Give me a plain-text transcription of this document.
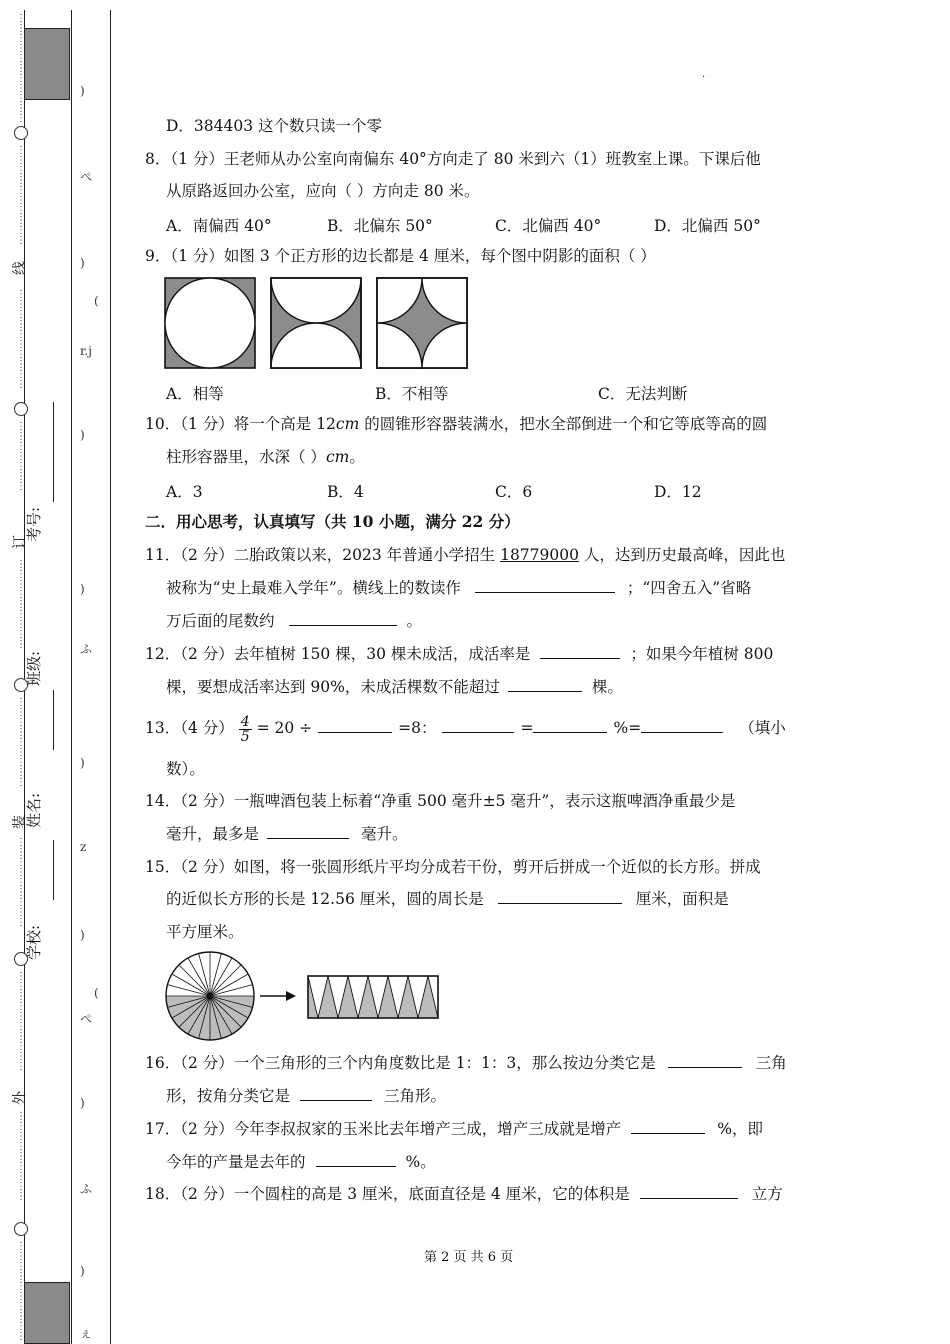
⋮
⋮
⋮
⋮
⋮
⋮
⋮
⋮
⋮
⋮
⋮
⋮
⋮
⋮
⋮
⋮
⋮
⋮
⋮
⋮
⋮
线
⋮
⋮
⋮
⋮
⋮
⋮
⋮
⋮
⋮
⋮
⋮
⋮
⋮
⋮
⋮
⋮
⋮
订
⋮
⋮
⋮
⋮
⋮
⋮
⋮
⋮
⋮
⋮
⋮
⋮
⋮
⋮
⋮
⋮
⋮
⋮
装
⋮
⋮
⋮
⋮
⋮
⋮
⋮
⋮
⋮
⋮
⋮
⋮
⋮
⋮
⋮
⋮
⋮
⋮
⋮
外
⋮
⋮
⋮
⋮
⋮
⋮
⋮
⋮
⋮
⋮
⋮
⋮
⋮
⋮
⋮
⋮
⋮
⋮
⋮
考号:
班级:
姓名:
学校:
)
ぺ
)
(
r.j
)
)
ふ
)
z
)
(
ぺ
)
ふ
)
ぇ
·
D．384403 这个数只读一个零
8．（1 分）王老师从办公室向南偏东 40°方向走了 80 米到六（1）班教室上课。下课后他
从原路返回办公室，应向（ ）方向走 80 米。
A．南偏西 40°	B．北偏东 50°	C．北偏西 40°	D．北偏西 50°
9．（1 分）如图 3 个正方形的边长都是 4 厘米，每个图中阴影的面积（ ）
A．相等	B．不相等	C．无法判断
10．（1 分）将一个高是 12cm 的圆锥形容器装满水，把水全部倒进一个和它等底等高的圆
柱形容器里，水深（ ）cm。
A．3	B．4	C．6	D．12
二．用心思考，认真填写（共 10 小题，满分 22 分）
11．（2 分）二胎政策以来，2023 年普通小学招生 18779000 人，达到历史最高峰，因此也
被称为“史上最难入学年”。横线上的数读作	；“四舍五入”省略
万后面的尾数约	。
12．（2 分）去年植树 150 棵，30 棵未成活，成活率是	；如果今年植树 800
棵，要想成活率达到 90%，未成活棵数不能超过	棵。
13．（4 分） $\frac{4}{5} = 20$ ÷	=8：	=	%=	（填小
数）。
14．（2 分）一瓶啤酒包装上标着“净重 500 毫升±5 毫升”，表示这瓶啤酒净重最少是
毫升，最多是	毫升。
15．（2 分）如图，将一张圆形纸片平均分成若干份，剪开后拼成一个近似的长方形。拼成
的近似长方形的长是 12.56 厘米，圆的周长是	厘米，面积是
平方厘米。
16．（2 分）一个三角形的三个内角度数比是 1：1：3，那么按边分类它是	三角
形，按角分类它是	三角形。
17．（2 分）今年李叔叔家的玉米比去年增产三成，增产三成就是增产	%，即
今年的产量是去年的	%。
18．（2 分）一个圆柱的高是 3 厘米，底面直径是 4 厘米，它的体积是	立方
第 2 页 共 6 页
